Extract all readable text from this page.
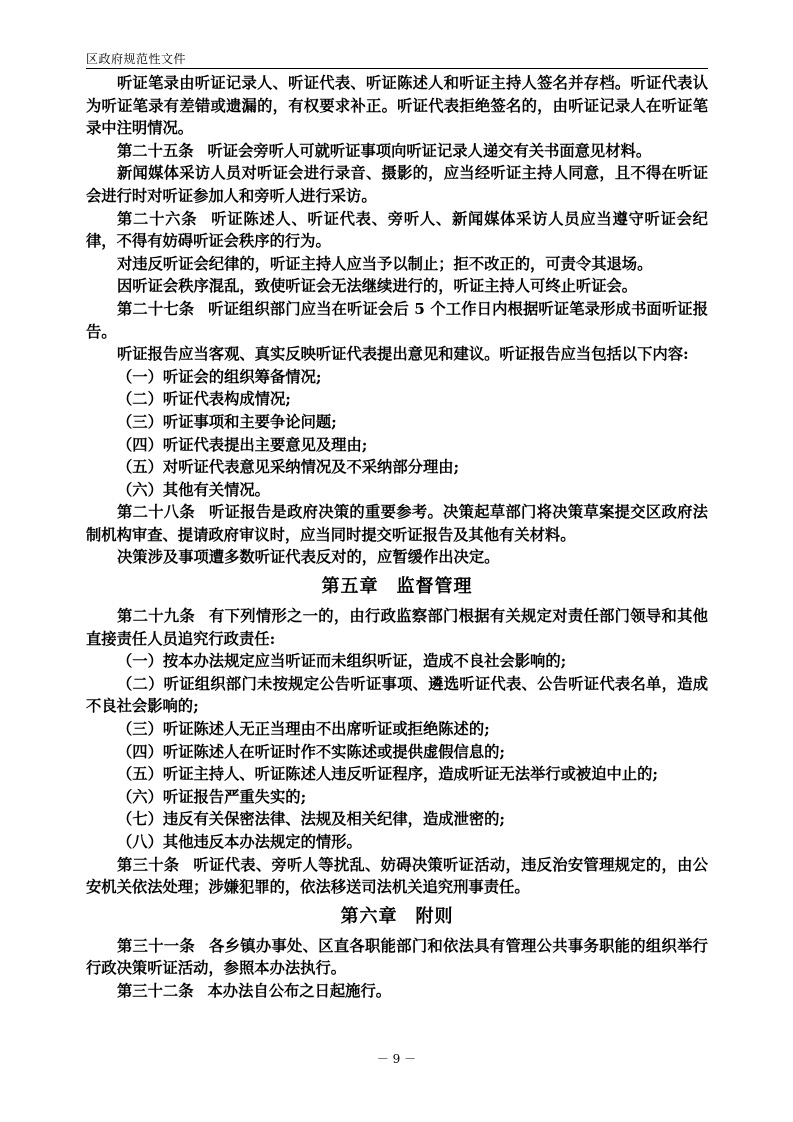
区政府规范性文件

听证笔录由听证记录人、听证代表、听证陈述人和听证主持人签名并存档。听证代表认为听证笔录有差错或遗漏的，有权要求补正。听证代表拒绝签名的，由听证记录人在听证笔录中注明情况。

第二十五条 听证会旁听人可就听证事项向听证记录人递交有关书面意见材料。

新闻媒体采访人员对听证会进行录音、摄影的，应当经听证主持人同意，且不得在听证会进行时对听证参加人和旁听人进行采访。

第二十六条 听证陈述人、听证代表、旁听人、新闻媒体采访人员应当遵守听证会纪律，不得有妨碍听证会秩序的行为。

对违反听证会纪律的，听证主持人应当予以制止；拒不改正的，可责令其退场。

因听证会秩序混乱，致使听证会无法继续进行的，听证主持人可终止听证会。

第二十七条 听证组织部门应当在听证会后 5 个工作日内根据听证笔录形成书面听证报告。

听证报告应当客观、真实反映听证代表提出意见和建议。听证报告应当包括以下内容:

（一）听证会的组织筹备情况;

（二）听证代表构成情况;

（三）听证事项和主要争论问题;

（四）听证代表提出主要意见及理由;

（五）对听证代表意见采纳情况及不采纳部分理由;

（六）其他有关情况。

第二十八条 听证报告是政府决策的重要参考。决策起草部门将决策草案提交区政府法制机构审查、提请政府审议时，应当同时提交听证报告及其他有关材料。

决策涉及事项遭多数听证代表反对的，应暂缓作出决定。

第五章 监督管理

第二十九条 有下列情形之一的，由行政监察部门根据有关规定对责任部门领导和其他直接责任人员追究行政责任:

（一）按本办法规定应当听证而未组织听证，造成不良社会影响的;

（二）听证组织部门未按规定公告听证事项、遴选听证代表、公告听证代表名单，造成不良社会影响的;

（三）听证陈述人无正当理由不出席听证或拒绝陈述的;

（四）听证陈述人在听证时作不实陈述或提供虚假信息的;

（五）听证主持人、听证陈述人违反听证程序，造成听证无法举行或被迫中止的;

（六）听证报告严重失实的;

（七）违反有关保密法律、法规及相关纪律，造成泄密的;

（八）其他违反本办法规定的情形。

第三十条 听证代表、旁听人等扰乱、妨碍决策听证活动，违反治安管理规定的，由公安机关依法处理；涉嫌犯罪的，依法移送司法机关追究刑事责任。

第六章 附则

第三十一条 各乡镇办事处、区直各职能部门和依法具有管理公共事务职能的组织举行行政决策听证活动，参照本办法执行。

第三十二条 本办法自公布之日起施行。

－ 9 －
